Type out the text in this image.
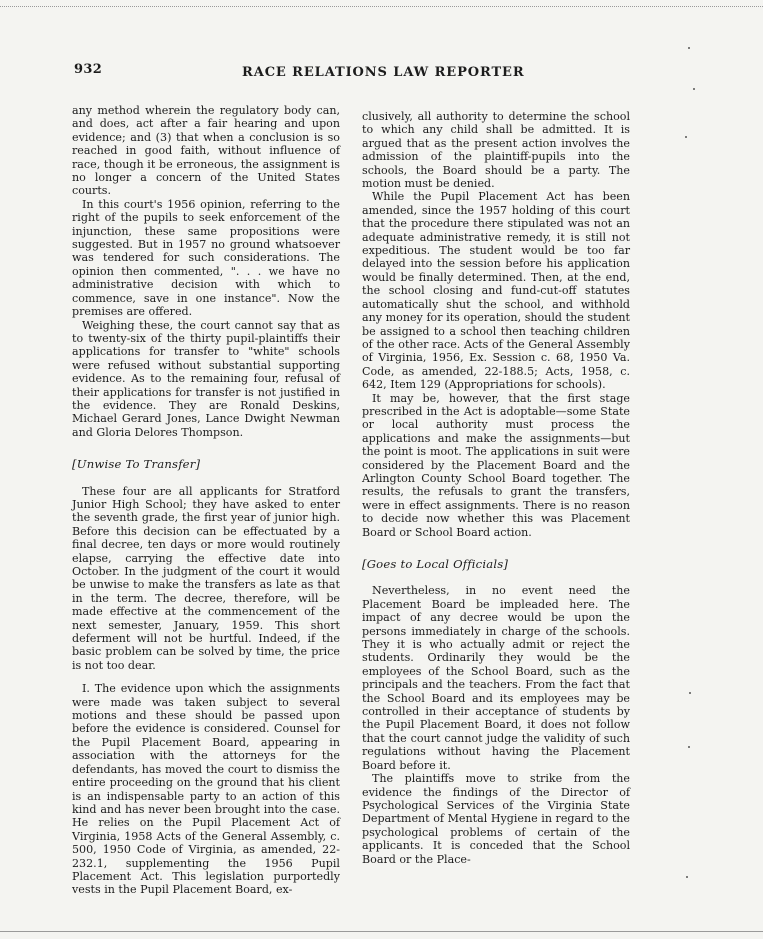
932	RACE RELATIONS LAW REPORTER

any method wherein the regulatory body can, and does, act after a fair hearing and upon evidence; and (3) that when a conclusion is so reached in good faith, without influence of race, though it be erroneous, the assignment is no longer a concern of the United States courts.

In this court's 1956 opinion, referring to the right of the pupils to seek enforcement of the injunction, these same propositions were suggested. But in 1957 no ground whatsoever was tendered for such considerations. The opinion then commented, ". . . we have no administrative decision with which to commence, save in one instance". Now the premises are offered.

Weighing these, the court cannot say that as to twenty-six of the thirty pupil-plaintiffs their applications for transfer to "white" schools were refused without substantial supporting evidence. As to the remaining four, refusal of their applications for transfer is not justified in the evidence. They are Ronald Deskins, Michael Gerard Jones, Lance Dwight Newman and Gloria Delores Thompson.

[Unwise To Transfer]

These four are all applicants for Stratford Junior High School; they have asked to enter the seventh grade, the first year of junior high. Before this decision can be effectuated by a final decree, ten days or more would routinely elapse, carrying the effective date into October. In the judgment of the court it would be unwise to make the transfers as late as that in the term. The decree, therefore, will be made effective at the commencement of the next semester, January, 1959. This short deferment will not be hurtful. Indeed, if the basic problem can be solved by time, the price is not too dear.

I. The evidence upon which the assignments were made was taken subject to several motions and these should be passed upon before the evidence is considered. Counsel for the Pupil Placement Board, appearing in association with the attorneys for the defendants, has moved the court to dismiss the entire proceeding on the ground that his client is an indispensable party to an action of this kind and has never been brought into the case. He relies on the Pupil Placement Act of Virginia, 1958 Acts of the General Assembly, c. 500, 1950 Code of Virginia, as amended, 22-232.1, supplementing the 1956 Pupil Placement Act. This legislation purportedly vests in the Pupil Placement Board, ex-

clusively, all authority to determine the school to which any child shall be admitted. It is argued that as the present action involves the admission of the plaintiff-pupils into the schools, the Board should be a party. The motion must be denied.

While the Pupil Placement Act has been amended, since the 1957 holding of this court that the procedure there stipulated was not an adequate administrative remedy, it is still not expeditious. The student would be too far delayed into the session before his application would be finally determined. Then, at the end, the school closing and fund-cut-off statutes automatically shut the school, and withhold any money for its operation, should the student be assigned to a school then teaching children of the other race. Acts of the General Assembly of Virginia, 1956, Ex. Session c. 68, 1950 Va. Code, as amended, 22-188.5; Acts, 1958, c. 642, Item 129 (Appropriations for schools).

It may be, however, that the first stage prescribed in the Act is adoptable—some State or local authority must process the applications and make the assignments—but the point is moot. The applications in suit were considered by the Placement Board and the Arlington County School Board together. The results, the refusals to grant the transfers, were in effect assignments. There is no reason to decide now whether this was Placement Board or School Board action.

[Goes to Local Officials]

Nevertheless, in no event need the Placement Board be impleaded here. The impact of any decree would be upon the persons immediately in charge of the schools. They it is who actually admit or reject the students. Ordinarily they would be the employees of the School Board, such as the principals and the teachers. From the fact that the School Board and its employees may be controlled in their acceptance of students by the Pupil Placement Board, it does not follow that the court cannot judge the validity of such regulations without having the Placement Board before it.

The plaintiffs move to strike from the evidence the findings of the Director of Psychological Services of the Virginia State Department of Mental Hygiene in regard to the psychological problems of certain of the applicants. It is conceded that the School Board or the Place-
